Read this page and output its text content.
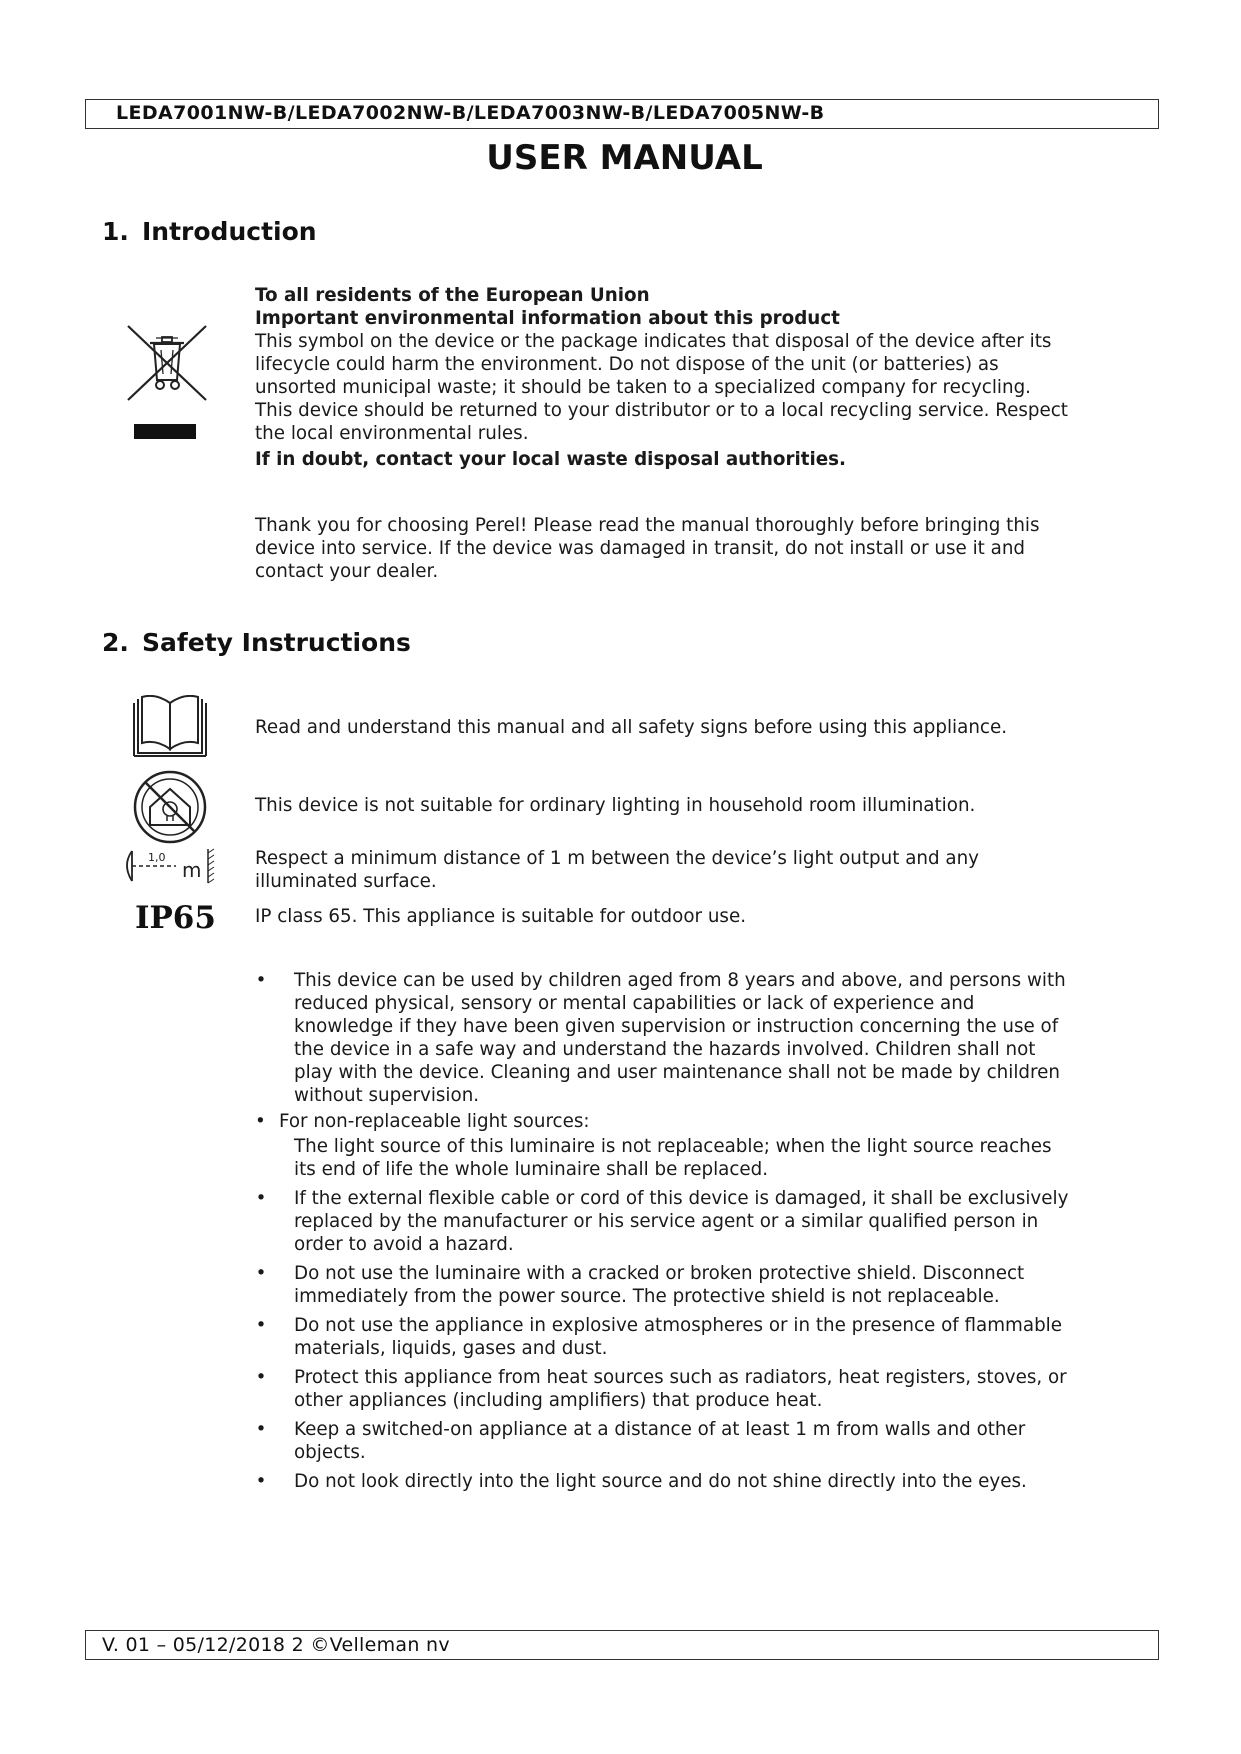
LEDA7001NW-B/LEDA7002NW-B/LEDA7003NW-B/LEDA7005NW-B
USER MANUAL
1. Introduction

To all residents of the European Union

Important environmental information about this product

This symbol on the device or the package indicates that disposal of the device after its

lifecycle could harm the environment. Do not dispose of the unit (or batteries) as

unsorted municipal waste; it should be taken to a specialized company for recycling.

This device should be returned to your distributor or to a local recycling service. Respect

the local environmental rules.

If in doubt, contact your local waste disposal authorities.

Thank you for choosing Perel! Please read the manual thoroughly before bringing this

device into service. If the device was damaged in transit, do not install or use it and

contact your dealer.

2. Safety Instructions
Read and understand this manual and all safety signs before using this appliance.
This device is not suitable for ordinary lighting in household room illumination.
1,0
m	Respect a minimum distance of 1 m between the device’s light output and any
illuminated surface.
IP65 IP class 65. This appliance is suitable for outdoor use.
• This device can be used by children aged from 8 years and above, and persons with
reduced physical, sensory or mental capabilities or lack of experience and
knowledge if they have been given supervision or instruction concerning the use of
the device in a safe way and understand the hazards involved. Children shall not
play with the device. Cleaning and user maintenance shall not be made by children
without supervision.
• For non-replaceable light sources:
The light source of this luminaire is not replaceable; when the light source reaches
its end of life the whole luminaire shall be replaced.
• If the external flexible cable or cord of this device is damaged, it shall be exclusively
replaced by the manufacturer or his service agent or a similar qualified person in
order to avoid a hazard.
• Do not use the luminaire with a cracked or broken protective shield. Disconnect
immediately from the power source. The protective shield is not replaceable.
• Do not use the appliance in explosive atmospheres or in the presence of flammable
materials, liquids, gases and dust.
• Protect this appliance from heat sources such as radiators, heat registers, stoves, or
other appliances (including amplifiers) that produce heat.
• Keep a switched-on appliance at a distance of at least 1 m from walls and other
objects.
• Do not look directly into the light source and do not shine directly into the eyes.
V. 01 – 05/12/2018 2 ©Velleman nv
